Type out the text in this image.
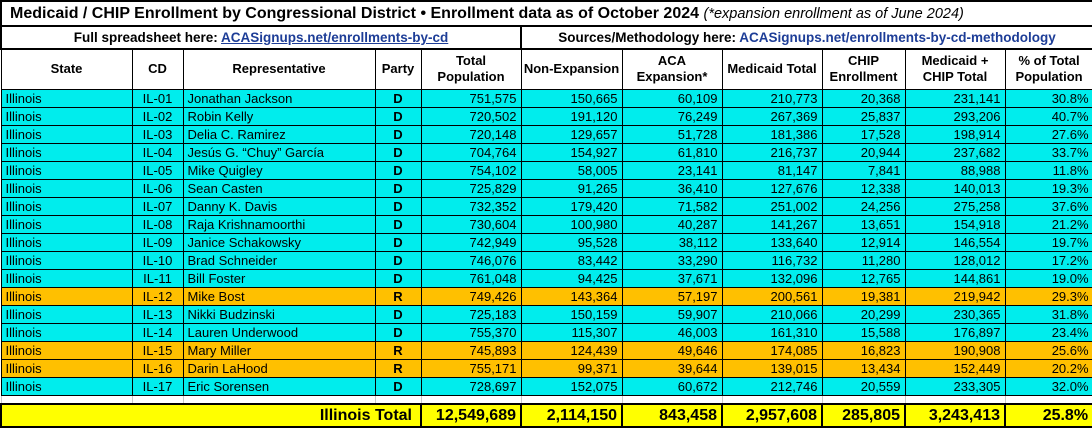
Medicaid / CHIP Enrollment by Congressional District • Enrollment data as of October 2024 (*expansion enrollment as of June 2024)										
Full spreadsheet here: ACASignups.net/enrollments-by-cd					Sources/Methodology here: ACASignups.net/enrollments-by-cd-methodology					
State	CD	Representative	Party	Total Population	Non-Expansion	ACA Expansion*	Medicaid Total	CHIP Enrollment	Medicaid + CHIP Total	% of Total Population
Illinois	IL-01	Jonathan Jackson	D	751,575	150,665	60,109	210,773	20,368	231,141	30.8%
Illinois	IL-02	Robin Kelly	D	720,502	191,120	76,249	267,369	25,837	293,206	40.7%
Illinois	IL-03	Delia C. Ramirez	D	720,148	129,657	51,728	181,386	17,528	198,914	27.6%
Illinois	IL-04	Jesús G. “Chuy” García	D	704,764	154,927	61,810	216,737	20,944	237,682	33.7%
Illinois	IL-05	Mike Quigley	D	754,102	58,005	23,141	81,147	7,841	88,988	11.8%
Illinois	IL-06	Sean Casten	D	725,829	91,265	36,410	127,676	12,338	140,013	19.3%
Illinois	IL-07	Danny K. Davis	D	732,352	179,420	71,582	251,002	24,256	275,258	37.6%
Illinois	IL-08	Raja Krishnamoorthi	D	730,604	100,980	40,287	141,267	13,651	154,918	21.2%
Illinois	IL-09	Janice Schakowsky	D	742,949	95,528	38,112	133,640	12,914	146,554	19.7%
Illinois	IL-10	Brad Schneider	D	746,076	83,442	33,290	116,732	11,280	128,012	17.2%
Illinois	IL-11	Bill Foster	D	761,048	94,425	37,671	132,096	12,765	144,861	19.0%
Illinois	IL-12	Mike Bost	R	749,426	143,364	57,197	200,561	19,381	219,942	29.3%
Illinois	IL-13	Nikki Budzinski	D	725,183	150,159	59,907	210,066	20,299	230,365	31.8%
Illinois	IL-14	Lauren Underwood	D	755,370	115,307	46,003	161,310	15,588	176,897	23.4%
Illinois	IL-15	Mary Miller	R	745,893	124,439	49,646	174,085	16,823	190,908	25.6%
Illinois	IL-16	Darin LaHood	R	755,171	99,371	39,644	139,015	13,434	152,449	20.2%
Illinois	IL-17	Eric Sorensen	D	728,697	152,075	60,672	212,746	20,559	233,305	32.0%

Illinois Total				12,549,689	2,114,150	843,458	2,957,608	285,805	3,243,413	25.8%
